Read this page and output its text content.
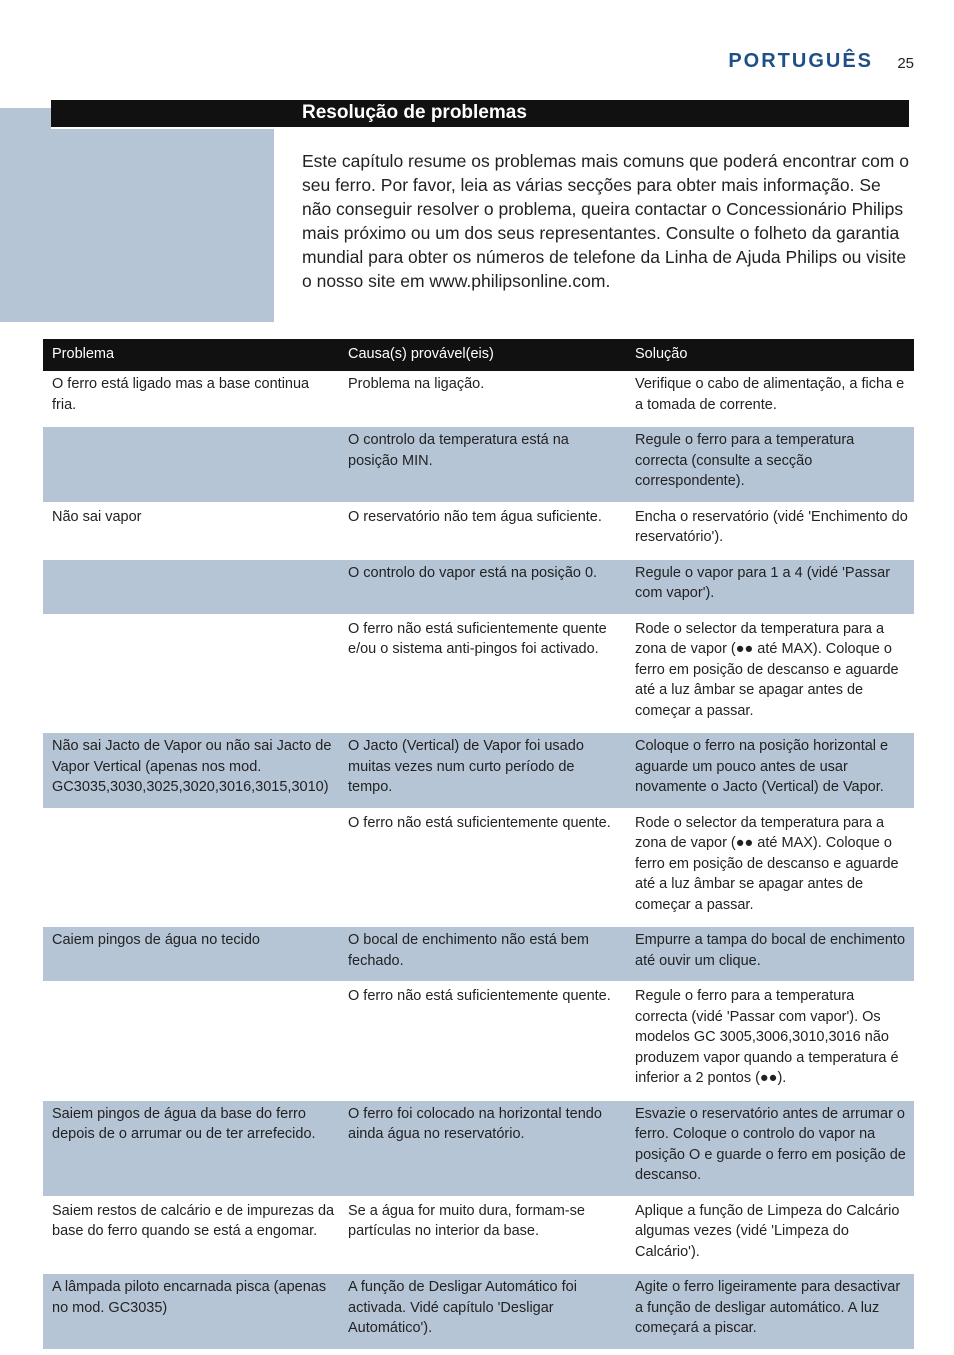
PORTUGUÊS 25
Resolução de problemas

Este capítulo resume os problemas mais comuns que poderá encontrar com o seu ferro. Por favor, leia as várias secções para obter mais informação. Se não conseguir resolver o problema, queira contactar o Concessionário Philips mais próximo ou um dos seus representantes. Consulte o folheto da garantia mundial para obter os números de telefone da Linha de Ajuda Philips ou visite o nosso site em www.philipsonline.com.

Problema	Causa(s) provável(eis)	Solução
O ferro está ligado mas a base continua fria.	Problema na ligação.	Verifique o cabo de alimentação, a ficha e a tomada de corrente.
	O controlo da temperatura está na posição MIN.	Regule o ferro para a temperatura correcta (consulte a secção correspondente).
Não sai vapor	O reservatório não tem água suficiente.	Encha o reservatório (vidé 'Enchimento do reservatório').
	O controlo do vapor está na posição 0.	Regule o vapor para 1 a 4 (vidé 'Passar com vapor').
	O ferro não está suficientemente quente e/ou o sistema anti-pingos foi activado.	Rode o selector da temperatura para a zona de vapor (●● até MAX). Coloque o ferro em posição de descanso e aguarde até a luz âmbar se apagar antes de começar a passar.
Não sai Jacto de Vapor ou não sai Jacto de Vapor Vertical (apenas nos mod. GC3035,3030,3025,3020,3016,3015,3010)	O Jacto (Vertical) de Vapor foi usado muitas vezes num curto período de tempo.	Coloque o ferro na posição horizontal e aguarde um pouco antes de usar novamente o Jacto (Vertical) de Vapor.
	O ferro não está suficientemente quente.	Rode o selector da temperatura para a zona de vapor (●● até MAX). Coloque o ferro em posição de descanso e aguarde até a luz âmbar se apagar antes de começar a passar.
Caiem pingos de água no tecido	O bocal de enchimento não está bem fechado.	Empurre a tampa do bocal de enchimento até ouvir um clique.
	O ferro não está suficientemente quente.	Regule o ferro para a temperatura correcta (vidé 'Passar com vapor'). Os modelos GC 3005,3006,3010,3016 não produzem vapor quando a temperatura é inferior a 2 pontos (●●).
Saiem pingos de água da base do ferro depois de o arrumar ou de ter arrefecido.	O ferro foi colocado na horizontal tendo ainda água no reservatório.	Esvazie o reservatório antes de arrumar o ferro. Coloque o controlo do vapor na posição O e guarde o ferro em posição de descanso.
Saiem restos de calcário e de impurezas da base do ferro quando se está a engomar.	Se a água for muito dura, formam-se partículas no interior da base.	Aplique a função de Limpeza do Calcário algumas vezes (vidé 'Limpeza do Calcário').
A lâmpada piloto encarnada pisca (apenas no mod. GC3035)	A função de Desligar Automático foi activada. Vidé capítulo 'Desligar Automático').	Agite o ferro ligeiramente para desactivar a função de desligar automático. A luz começará a piscar.
